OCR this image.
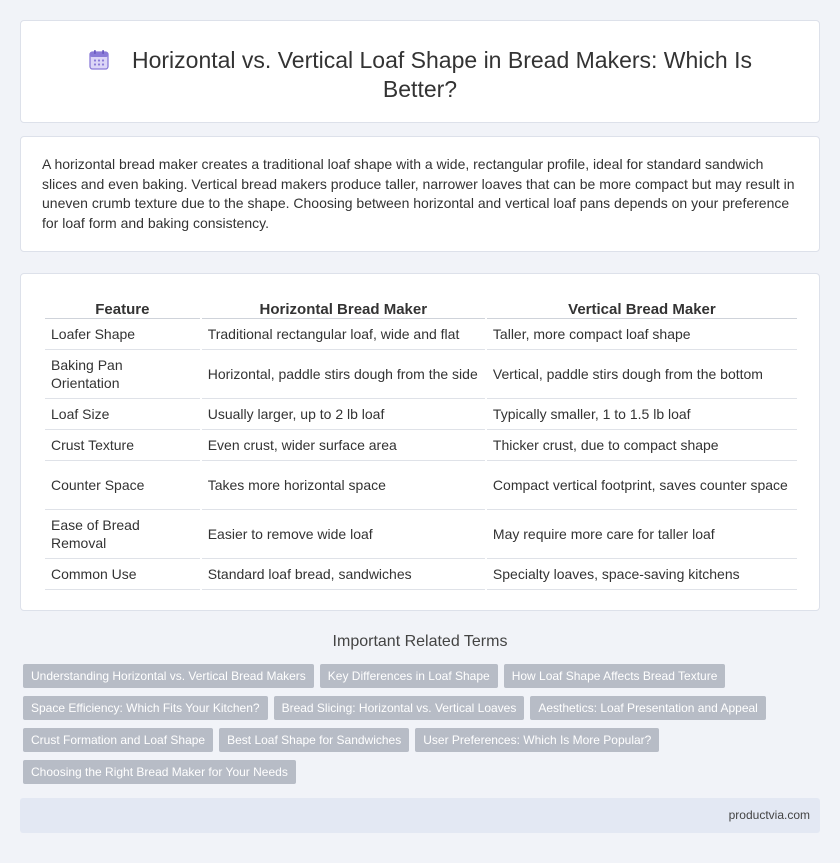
Horizontal vs. Vertical Loaf Shape in Bread Makers: Which Is Better?

A horizontal bread maker creates a traditional loaf shape with a wide, rectangular profile, ideal for standard sandwich slices and even baking. Vertical bread makers produce taller, narrower loaves that can be more compact but may result in uneven crumb texture due to the shape. Choosing between horizontal and vertical loaf pans depends on your preference for loaf form and baking consistency.

Feature	Horizontal Bread Maker	Vertical Bread Maker
Loafer Shape	Traditional rectangular loaf, wide and flat	Taller, more compact loaf shape
Baking Pan Orientation	Horizontal, paddle stirs dough from the side	Vertical, paddle stirs dough from the bottom
Loaf Size	Usually larger, up to 2 lb loaf	Typically smaller, 1 to 1.5 lb loaf
Crust Texture	Even crust, wider surface area	Thicker crust, due to compact shape
Counter Space	Takes more horizontal space	Compact vertical footprint, saves counter space
Ease of Bread Removal	Easier to remove wide loaf	May require more care for taller loaf
Common Use	Standard loaf bread, sandwiches	Specialty loaves, space-saving kitchens
Important Related Terms
Understanding Horizontal vs. Vertical Bread Makers	Key Differences in Loaf Shape	How Loaf Shape Affects Bread Texture
Space Efficiency: Which Fits Your Kitchen?	Bread Slicing: Horizontal vs. Vertical Loaves	Aesthetics: Loaf Presentation and Appeal
Crust Formation and Loaf Shape	Best Loaf Shape for Sandwiches	User Preferences: Which Is More Popular?
Choosing the Right Bread Maker for Your Needs
productvia.com
